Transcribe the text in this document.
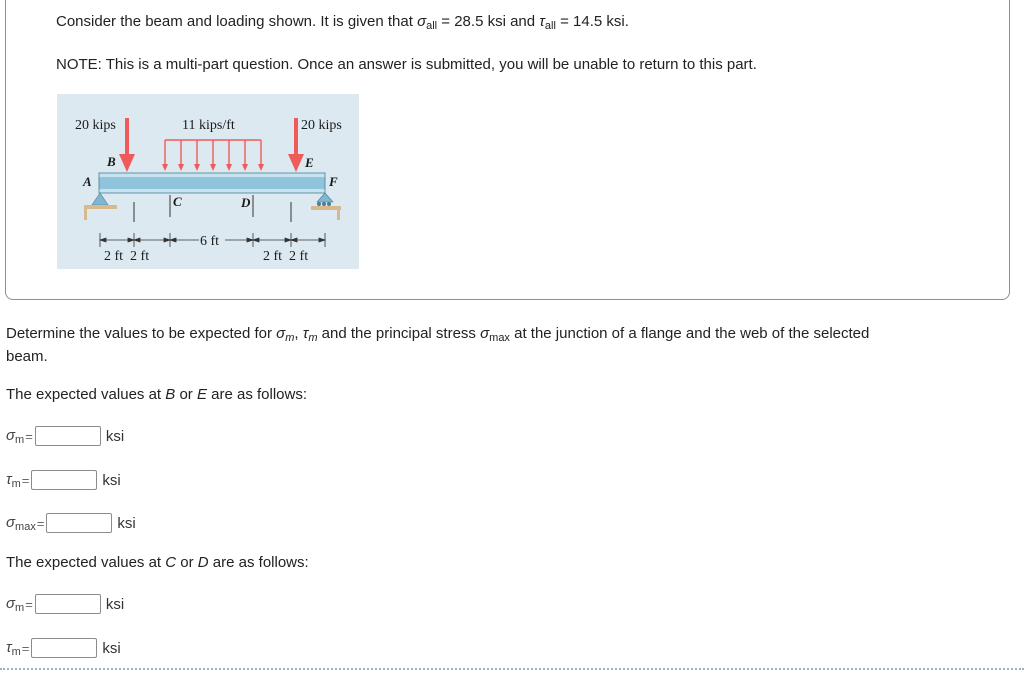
Consider the beam and loading shown. It is given that $\sigma_{all} = 28.5$ ksi and $\tau_{all} = 14.5$ ksi.
NOTE: This is a multi-part question. Once an answer is submitted, you will be unable to return to this part.
20 kips	11 kips/ft	20 kips
B
A
E
F
C	D
6 ft
2 ft  2 ft	2 ft  2 ft
Determine the values to be expected for $\sigma_m$, $\tau_m$ and the principal stress $\sigma_{max}$ at the junction of a flange and the web of the selected
beam.
The expected values at B or E are as follows:
$\sigma_m$ =	ksi
$\tau_m$ =	ksi
$\sigma_{max}$ =	ksi
The expected values at C or D are as follows:
$\sigma_m$ =	ksi
$\tau_m$ =	ksi
